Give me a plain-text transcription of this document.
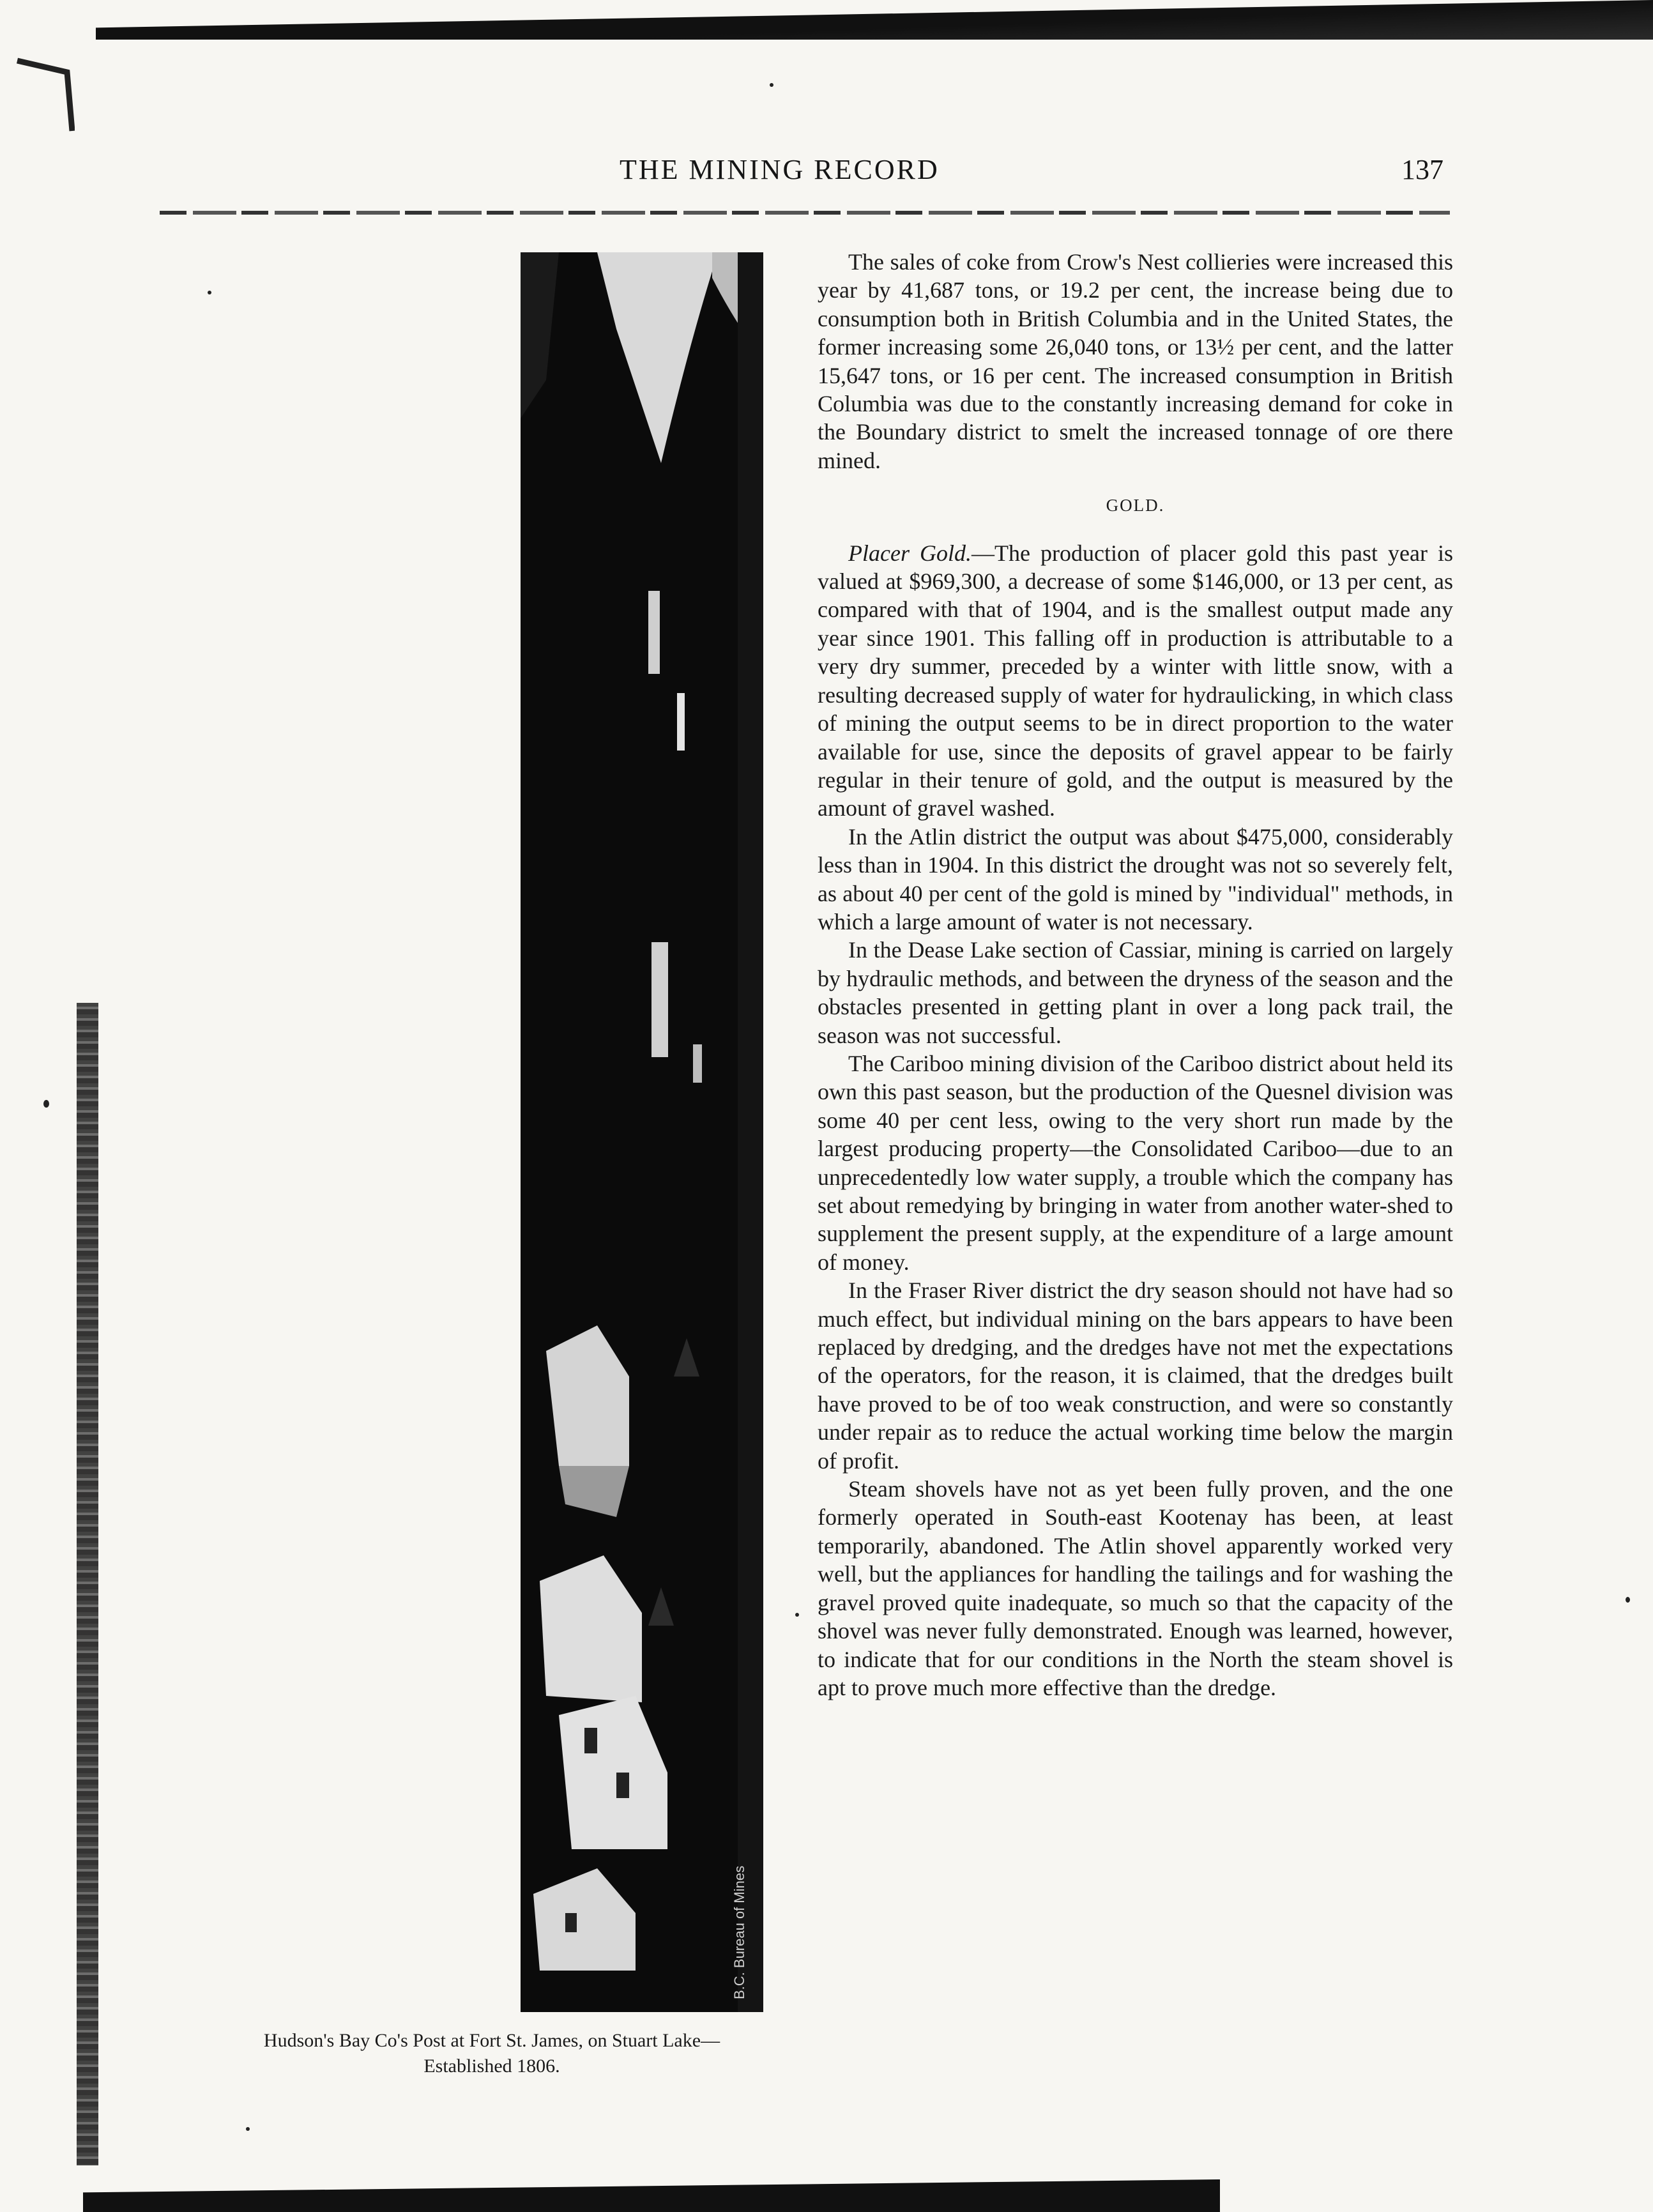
THE MINING RECORD	137
B.C. Bureau of Mines
Hudson's Bay Co's Post at Fort St. James, on Stuart Lake—
Established 1806.

The sales of coke from Crow's Nest collieries were increased this year by 41,687 tons, or 19.2 per cent, the increase being due to consumption both in British Columbia and in the United States, the former increasing some 26,040 tons, or 13½ per cent, and the latter 15,647 tons, or 16 per cent. The increased consumption in British Columbia was due to the constantly increasing demand for coke in the Boundary district to smelt the increased tonnage of ore there mined.

GOLD.

Placer Gold.—The production of placer gold this past year is valued at $969,300, a decrease of some $146,000, or 13 per cent, as compared with that of 1904, and is the smallest output made any year since 1901. This falling off in production is attributable to a very dry summer, preceded by a winter with little snow, with a resulting decreased supply of water for hydraulicking, in which class of mining the output seems to be in direct proportion to the water available for use, since the deposits of gravel appear to be fairly regular in their tenure of gold, and the output is measured by the amount of gravel washed.

In the Atlin district the output was about $475,000, considerably less than in 1904. In this district the drought was not so severely felt, as about 40 per cent of the gold is mined by "individual" methods, in which a large amount of water is not necessary.

In the Dease Lake section of Cassiar, mining is carried on largely by hydraulic methods, and between the dryness of the season and the obstacles presented in getting plant in over a long pack trail, the season was not successful.

The Cariboo mining division of the Cariboo district about held its own this past season, but the production of the Quesnel division was some 40 per cent less, owing to the very short run made by the largest producing property—the Consolidated Cariboo—due to an unprecedentedly low water supply, a trouble which the company has set about remedying by bringing in water from another water-shed to supplement the present supply, at the expenditure of a large amount of money.

In the Fraser River district the dry season should not have had so much effect, but individual mining on the bars appears to have been replaced by dredging, and the dredges have not met the expectations of the operators, for the reason, it is claimed, that the dredges built have proved to be of too weak construction, and were so constantly under repair as to reduce the actual working time below the margin of profit.

Steam shovels have not as yet been fully proven, and the one formerly operated in South-east Kootenay has been, at least temporarily, abandoned. The Atlin shovel apparently worked very well, but the appliances for handling the tailings and for washing the gravel proved quite inadequate, so much so that the capacity of the shovel was never fully demonstrated. Enough was learned, however, to indicate that for our conditions in the North the steam shovel is apt to prove much more effective than the dredge.
